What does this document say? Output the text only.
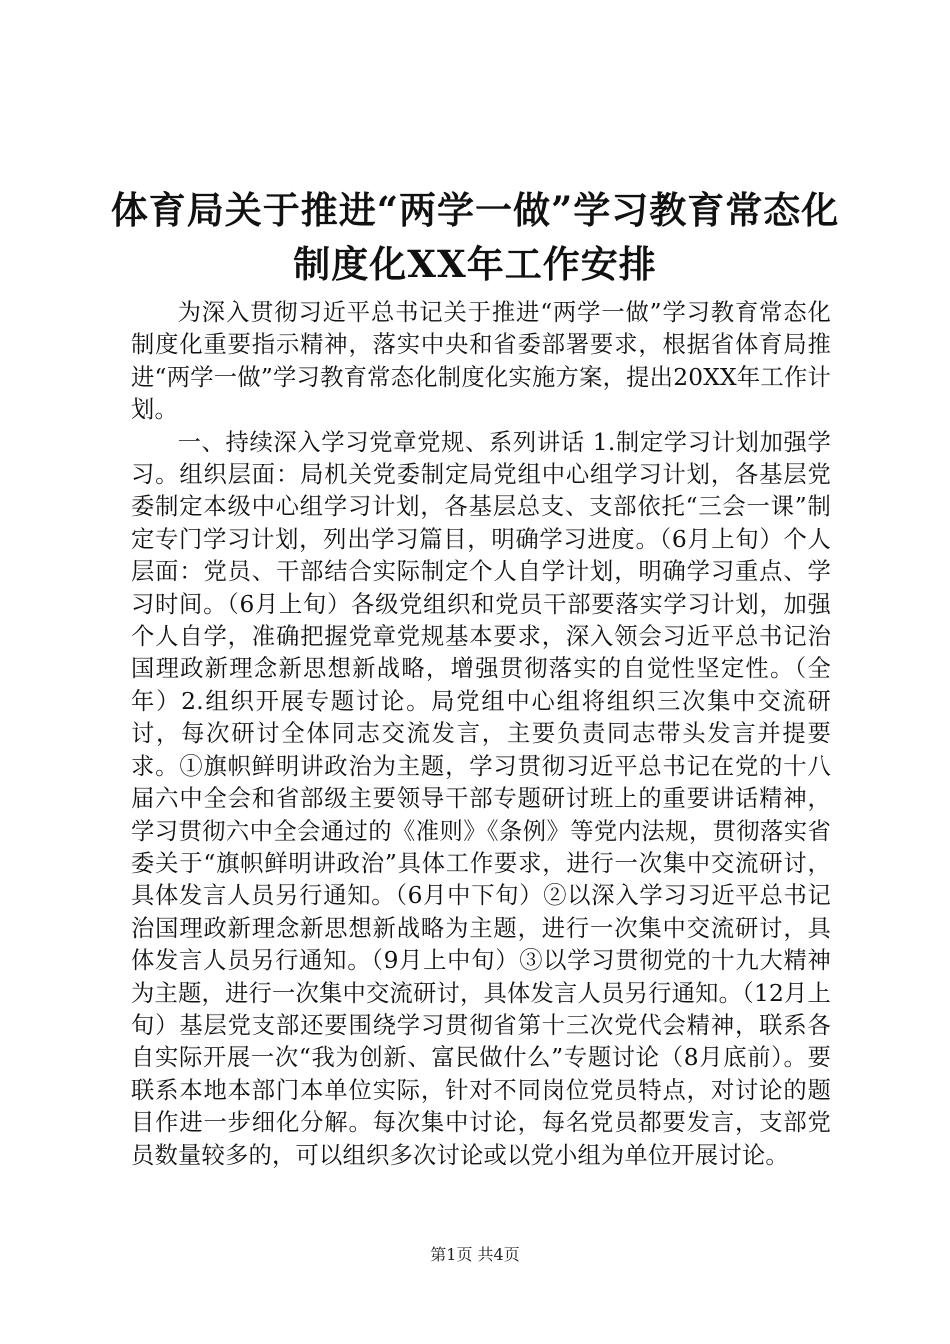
体育局关于推进“两学一做”学习教育常态化
制度化XX年工作安排

为深入贯彻习近平总书记关于推进“两学一做”学习教育常态化制度化重要指示精神，落实中央和省委部署要求，根据省体育局推进“两学一做”学习教育常态化制度化实施方案，提出20XX年工作计划。

一、持续深入学习党章党规、系列讲话 1.制定学习计划加强学习。组织层面：局机关党委制定局党组中心组学习计划，各基层党委制定本级中心组学习计划，各基层总支、支部依托“三会一课”制定专门学习计划，列出学习篇目，明确学习进度。（6月上旬）个人层面：党员、干部结合实际制定个人自学计划，明确学习重点、学习时间。（6月上旬）各级党组织和党员干部要落实学习计划，加强个人自学，准确把握党章党规基本要求，深入领会习近平总书记治国理政新理念新思想新战略，增强贯彻落实的自觉性坚定性。（全年）2.组织开展专题讨论。局党组中心组将组织三次集中交流研讨，每次研讨全体同志交流发言，主要负责同志带头发言并提要求。①旗帜鲜明讲政治为主题，学习贯彻习近平总书记在党的十八届六中全会和省部级主要领导干部专题研讨班上的重要讲话精神，学习贯彻六中全会通过的《准则》《条例》等党内法规，贯彻落实省委关于“旗帜鲜明讲政治”具体工作要求，进行一次集中交流研讨，具体发言人员另行通知。（6月中下旬）②以深入学习习近平总书记治国理政新理念新思想新战略为主题，进行一次集中交流研讨，具体发言人员另行通知。（9月上中旬）③以学习贯彻党的十九大精神为主题，进行一次集中交流研讨，具体发言人员另行通知。（12月上旬）基层党支部还要围绕学习贯彻省第十三次党代会精神，联系各自实际开展一次“我为创新、富民做什么”专题讨论（8月底前）。要联系本地本部门本单位实际，针对不同岗位党员特点，对讨论的题目作进一步细化分解。每次集中讨论，每名党员都要发言，支部党员数量较多的，可以组织多次讨论或以党小组为单位开展讨论。

第1页 共4页
